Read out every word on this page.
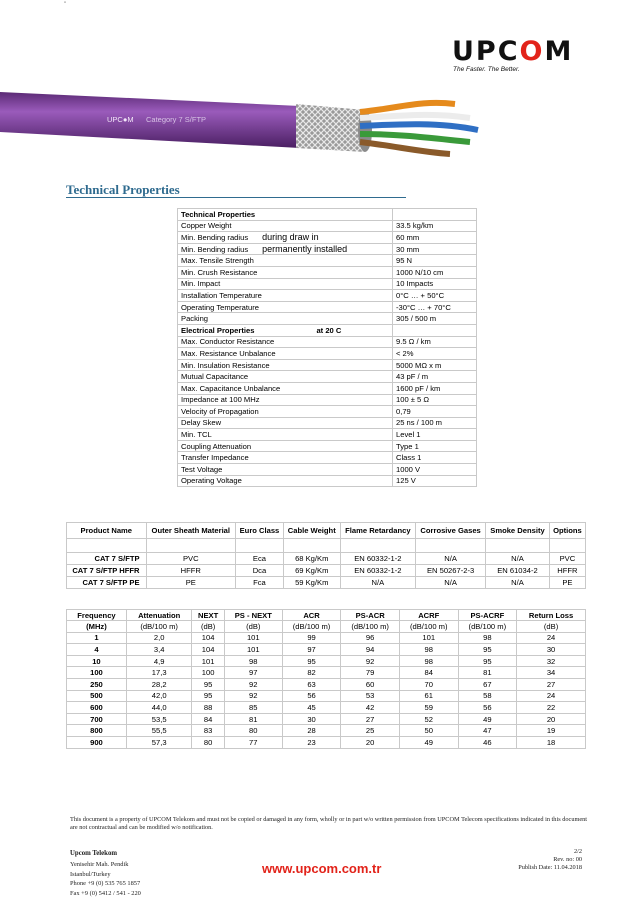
"
UPCOM
The Faster. The Better.
UPC●M Category 7 S/FTP
Technical Properties
Technical Properties	
Copper Weight	33.5 kg/km
Min. Bending radius during draw in	60 mm
Min. Bending radius permanently installed	30 mm
Max. Tensile Strength	95 N
Min. Crush Resistance	1000 N/10 cm
Min. Impact	10 Impacts
Installation Temperature	0°C … + 50°C
Operating Temperature	-30°C … + 70°C
Packing	305 / 500 m
Electrical Properties at 20 C	
Max. Conductor Resistance	9.5 Ω / km
Max. Resistance Unbalance	< 2%
Min. Insulation Resistance	5000 MΩ x m
Mutual Capacitance	43 pF / m
Max. Capacitance Unbalance	1600 pF / km
Impedance at 100 MHz	100 ± 5 Ω
Velocity of Propagation	0,79
Delay Skew	25 ns / 100 m
Min. TCL	Level 1
Coupling Attenuation	Type 1
Transfer Impedance	Class 1
Test Voltage	1000 V
Operating Voltage	125 V
Product Name	Outer Sheath Material	Euro Class	Cable Weight	Flame Retardancy	Corrosive Gases	Smoke Density	Options

CAT 7 S/FTP	PVC	Eca	68 Kg/Km	EN 60332-1-2	N/A	N/A	PVC
CAT 7 S/FTP HFFR	HFFR	Dca	69 Kg/Km	EN 60332-1-2	EN 50267-2-3	EN 61034-2	HFFR
CAT 7 S/FTP PE	PE	Fca	59 Kg/Km	N/A	N/A	N/A	PE
Frequency	Attenuation	NEXT	PS - NEXT	ACR	PS-ACR	ACRF	PS-ACRF	Return Loss
(MHz)	(dB/100 m)	(dB)	(dB)	(dB/100 m)	(dB/100 m)	(dB/100 m)	(dB/100 m)	(dB)
1	2,0	104	101	99	96	101	98	24
4	3,4	104	101	97	94	98	95	30
10	4,9	101	98	95	92	98	95	32
100	17,3	100	97	82	79	84	81	34
250	28,2	95	92	63	60	70	67	27
500	42,0	95	92	56	53	61	58	24
600	44,0	88	85	45	42	59	56	22
700	53,5	84	81	30	27	52	49	20
800	55,5	83	80	28	25	50	47	19
900	57,3	80	77	23	20	49	46	18
This document is a property of UPCOM Telekom and must not be copied or damaged in any form, wholly or in part w/o written permission from UPCOM Telecom specifications indicated in this document are not contractual and can be modified w/o notification.
Upcom Telekom
Yenisehir Mah. Pendik
Istanbul/Turkey
Phone +9 (0) 535 765 1857
Fax +9 (0) 5412 / 541 - 220
www.upcom.com.tr
2/2
Rev. no: 00
Publish Date: 11.04.2018
